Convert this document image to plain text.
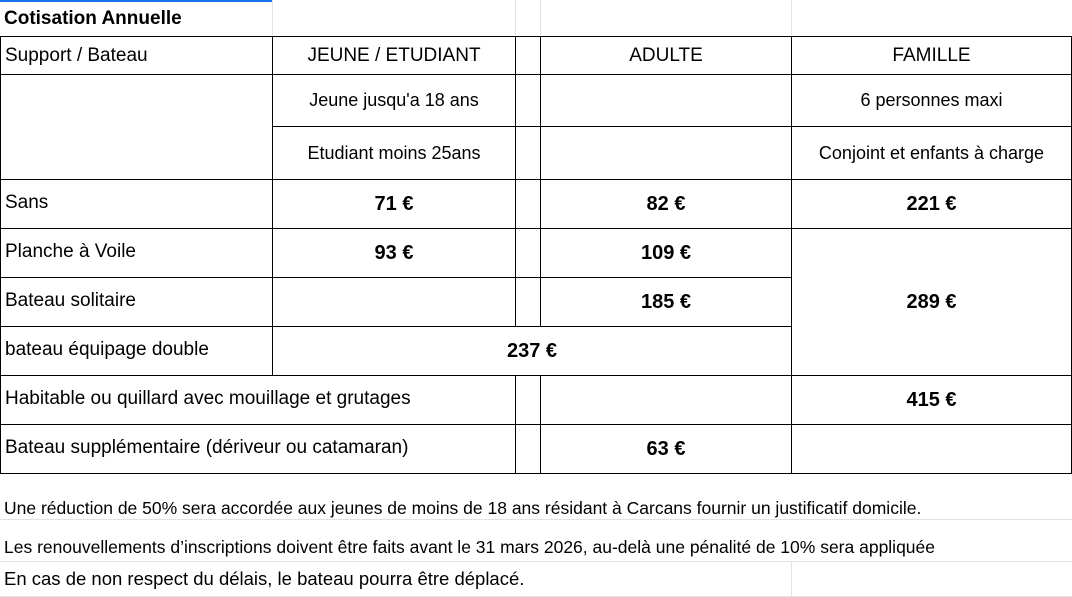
Cotisation Annuelle
Support / Bateau	JEUNE / ETUDIANT		ADULTE	FAMILLE
	Jeune jusqu'a 18 ans			6 personnes maxi
	Etudiant moins 25ans			Conjoint et enfants à charge
Sans	71 €		82 €	221 €
Planche à Voile	93 €		109 €	289 €
Bateau solitaire			185 €	
bateau équipage double	237 €			
Habitable ou quillard avec mouillage et grutages				415 €
Bateau supplémentaire (dériveur ou catamaran)			63 €	
Une réduction de 50% sera accordée aux jeunes de moins de 18 ans résidant à Carcans fournir un justificatif domicile.
Les renouvellements d’inscriptions doivent être faits avant le 31 mars 2026, au-delà une pénalité de 10% sera appliquée
En cas de non respect du délais, le bateau pourra être déplacé.
